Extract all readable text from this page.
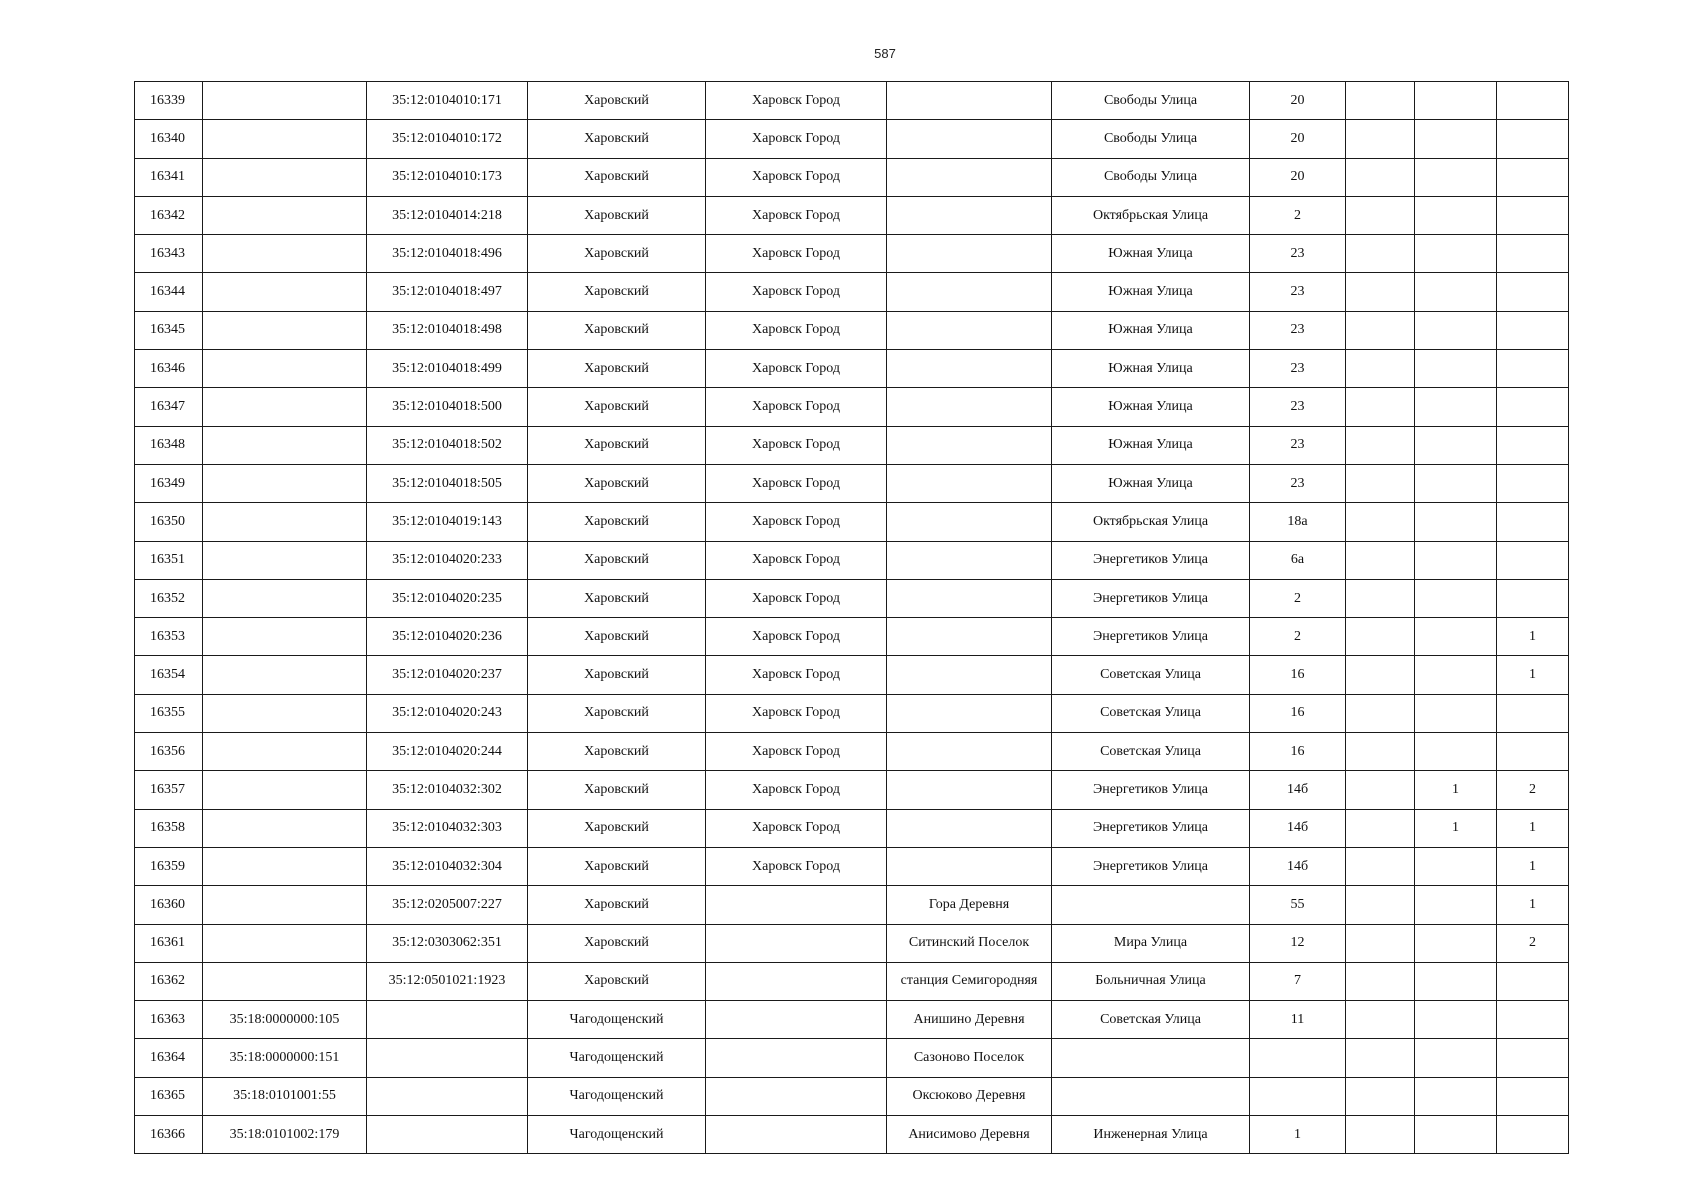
587
16339		35:12:0104010:171	Харовский	Харовск Город		Свободы Улица	20			
16340		35:12:0104010:172	Харовский	Харовск Город		Свободы Улица	20			
16341		35:12:0104010:173	Харовский	Харовск Город		Свободы Улица	20			
16342		35:12:0104014:218	Харовский	Харовск Город		Октябрьская Улица	2			
16343		35:12:0104018:496	Харовский	Харовск Город		Южная Улица	23			
16344		35:12:0104018:497	Харовский	Харовск Город		Южная Улица	23			
16345		35:12:0104018:498	Харовский	Харовск Город		Южная Улица	23			
16346		35:12:0104018:499	Харовский	Харовск Город		Южная Улица	23			
16347		35:12:0104018:500	Харовский	Харовск Город		Южная Улица	23			
16348		35:12:0104018:502	Харовский	Харовск Город		Южная Улица	23			
16349		35:12:0104018:505	Харовский	Харовск Город		Южная Улица	23			
16350		35:12:0104019:143	Харовский	Харовск Город		Октябрьская Улица	18а			
16351		35:12:0104020:233	Харовский	Харовск Город		Энергетиков Улица	6а			
16352		35:12:0104020:235	Харовский	Харовск Город		Энергетиков Улица	2			
16353		35:12:0104020:236	Харовский	Харовск Город		Энергетиков Улица	2			1
16354		35:12:0104020:237	Харовский	Харовск Город		Советская Улица	16			1
16355		35:12:0104020:243	Харовский	Харовск Город		Советская Улица	16			
16356		35:12:0104020:244	Харовский	Харовск Город		Советская Улица	16			
16357		35:12:0104032:302	Харовский	Харовск Город		Энергетиков Улица	14б		1	2
16358		35:12:0104032:303	Харовский	Харовск Город		Энергетиков Улица	14б		1	1
16359		35:12:0104032:304	Харовский	Харовск Город		Энергетиков Улица	14б			1
16360		35:12:0205007:227	Харовский		Гора Деревня		55			1
16361		35:12:0303062:351	Харовский		Ситинский Поселок	Мира Улица	12			2
16362		35:12:0501021:1923	Харовский		станция Семигородняя	Больничная Улица	7			
16363	35:18:0000000:105		Чагодощенский		Анишино Деревня	Советская Улица	11			
16364	35:18:0000000:151		Чагодощенский		Сазоново Поселок					
16365	35:18:0101001:55		Чагодощенский		Оксюково Деревня					
16366	35:18:0101002:179		Чагодощенский		Анисимово Деревня	Инженерная Улица	1			
